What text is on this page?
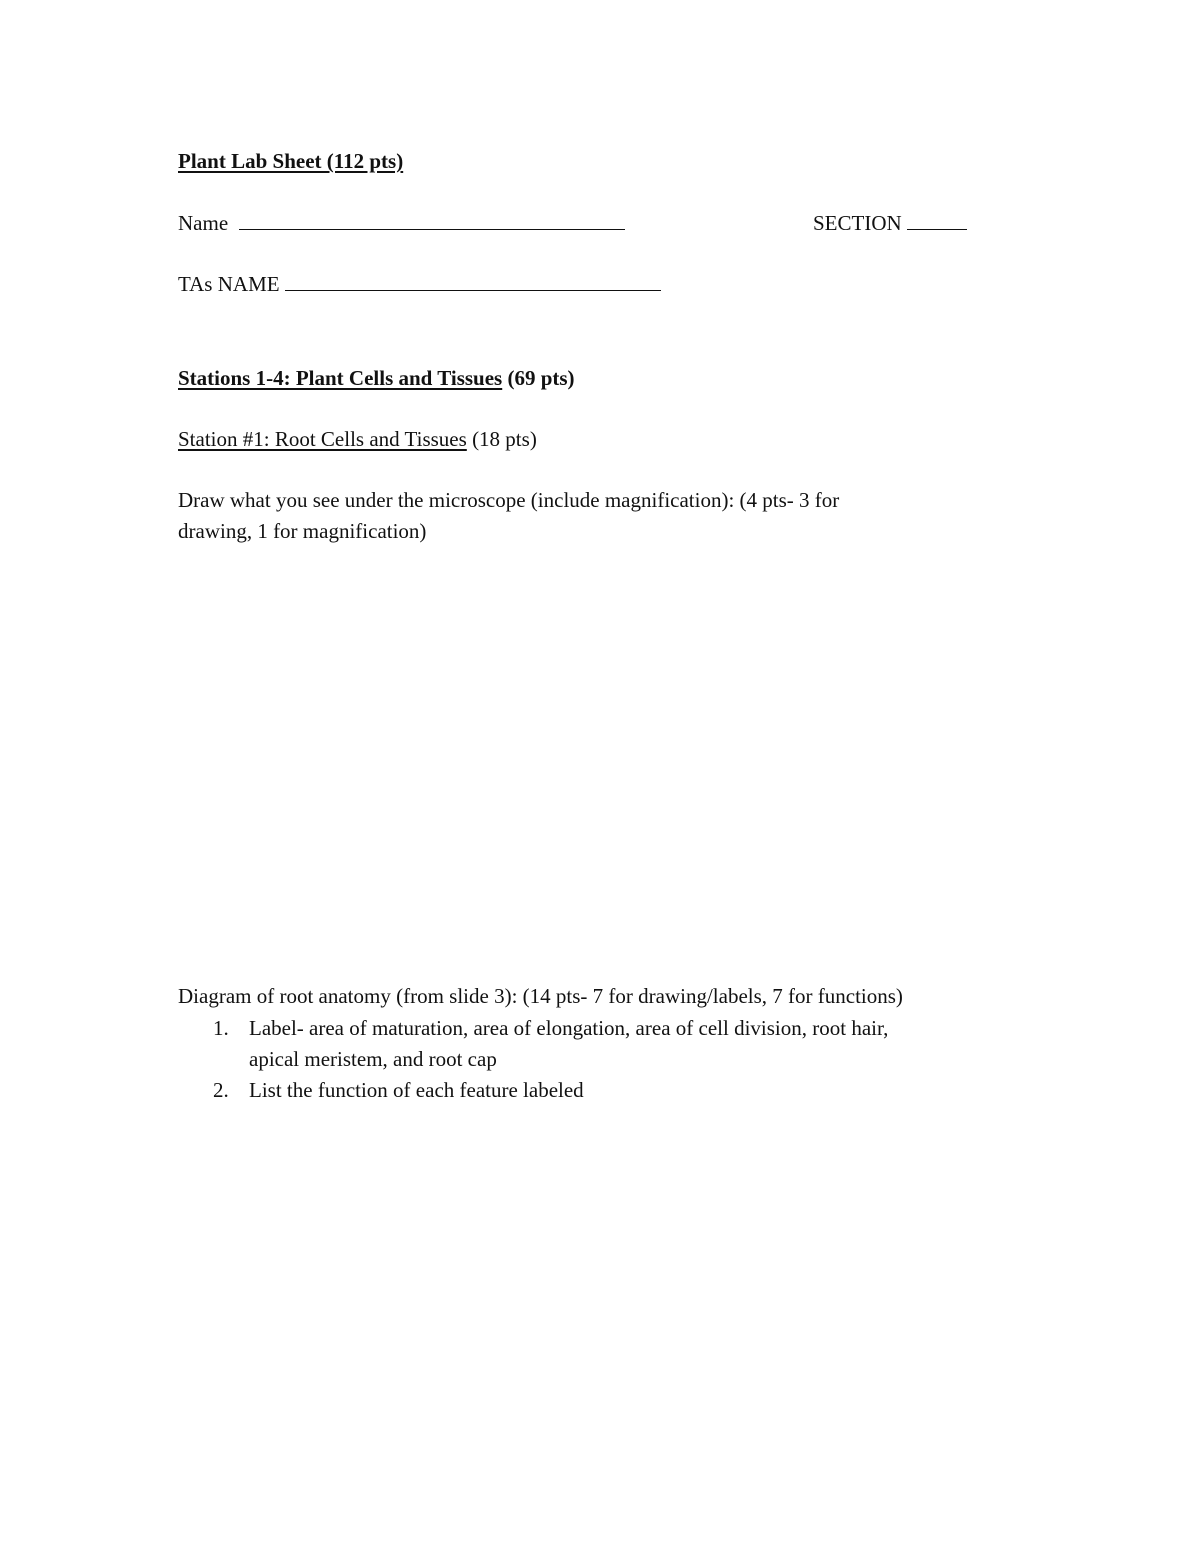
Plant Lab Sheet (112 pts)
Name	SECTION
TAs NAME
Stations 1-4: Plant Cells and Tissues (69 pts)
Station #1: Root Cells and Tissues (18 pts)
Draw what you see under the microscope (include magnification): (4 pts- 3 for
drawing, 1 for magnification)
Diagram of root anatomy (from slide 3): (14 pts- 7 for drawing/labels, 7 for functions)
1. Label- area of maturation, area of elongation, area of cell division, root hair,
apical meristem, and root cap
2. List the function of each feature labeled
